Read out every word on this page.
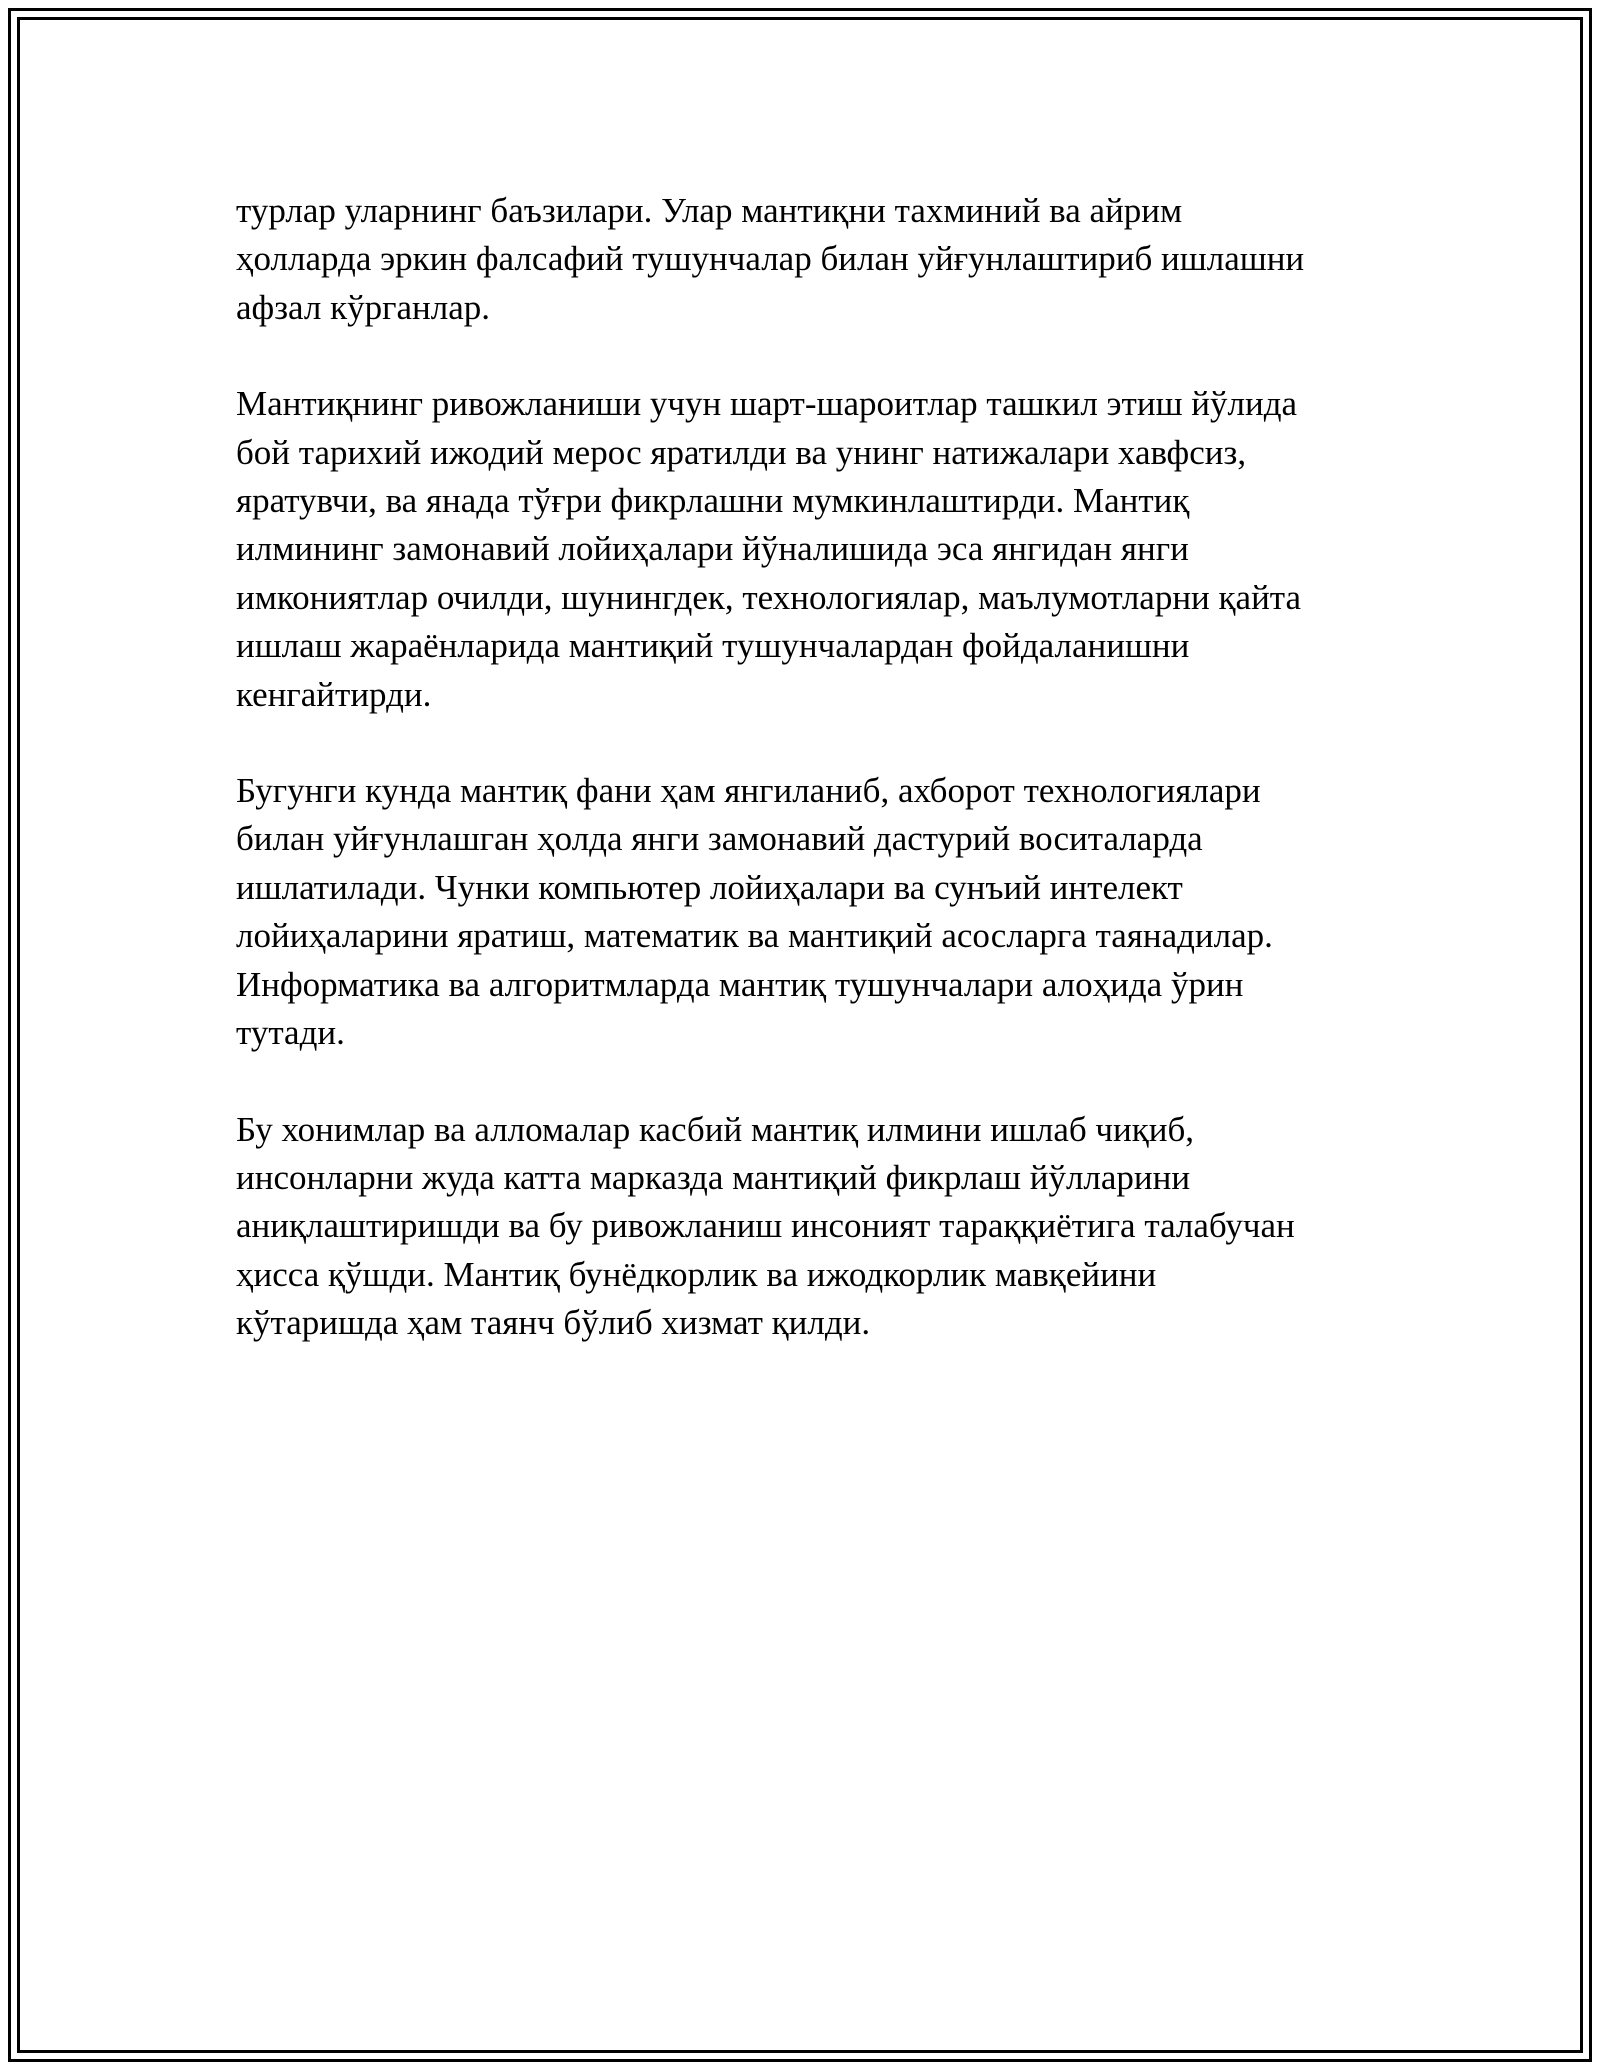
турлар уларнинг баъзилари. Улар мантиқни тахминий ва айрим
ҳолларда эркин фалсафий тушунчалар билан уйғунлаштириб ишлашни
афзал кўрганлар.

Мантиқнинг ривожланиши учун шарт-шароитлар ташкил этиш йўлида
бой тарихий ижодий мерос яратилди ва унинг натижалари хавфсиз,
яратувчи, ва янада тўғри фикрлашни мумкинлаштирди. Мантиқ
илмининг замонавий лойиҳалари йўналишида эса янгидан янги
имкониятлар очилди, шунингдек, технологиялар, маълумотларни қайта
ишлаш жараёнларида мантиқий тушунчалардан фойдаланишни
кенгайтирди.

Бугунги кунда мантиқ фани ҳам янгиланиб, ахборот технологиялари
билан уйғунлашган ҳолда янги замонавий дастурий воситаларда
ишлатилади. Чунки компьютер лойиҳалари ва сунъий интелект
лойиҳаларини яратиш, математик ва мантиқий асосларга таянадилар.
Информатика ва алгоритмларда мантиқ тушунчалари алоҳида ўрин
тутади.

Бу хонимлар ва алломалар касбий мантиқ илмини ишлаб чиқиб,
инсонларни жуда катта марказда мантиқий фикрлаш йўлларини
аниқлаштиришди ва бу ривожланиш инсоният тараққиётига талабучан
ҳисса қўшди. Мантиқ бунёдкорлик ва ижодкорлик мавқейини
кўтаришда ҳам таянч бўлиб хизмат қилди.
